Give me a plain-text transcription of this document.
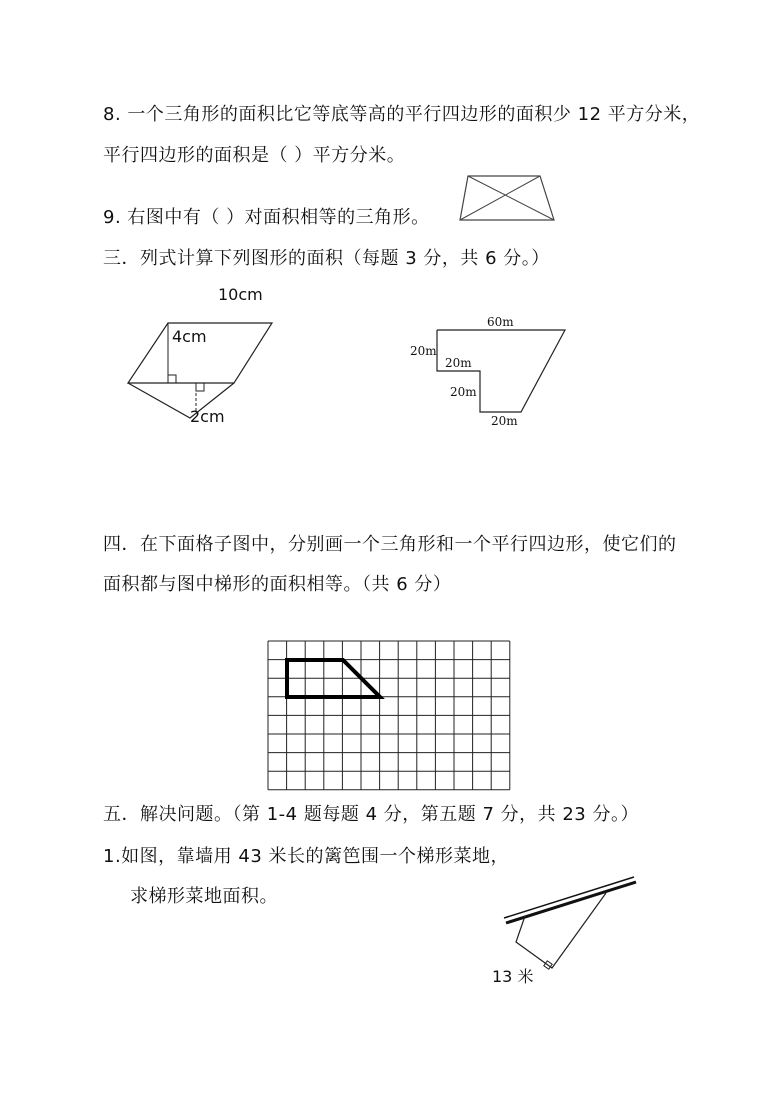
8. 一个三角形的面积比它等底等高的平行四边形的面积少 12 平方分米，
平行四边形的面积是（ ）平方分米。
9. 右图中有（ ）对面积相等的三角形。
三．列式计算下列图形的面积（每题 3 分，共 6 分。）
10cm
4cm
2cm
60m
20m
20m
20m
20m
四．在下面格子图中，分别画一个三角形和一个平行四边形，使它们的
面积都与图中梯形的面积相等。（共 6 分）
五．解决问题。（第 1-4 题每题 4 分，第五题 7 分，共 23 分。）
1.如图，靠墙用 43 米长的篱笆围一个梯形菜地，
求梯形菜地面积。
13 米
